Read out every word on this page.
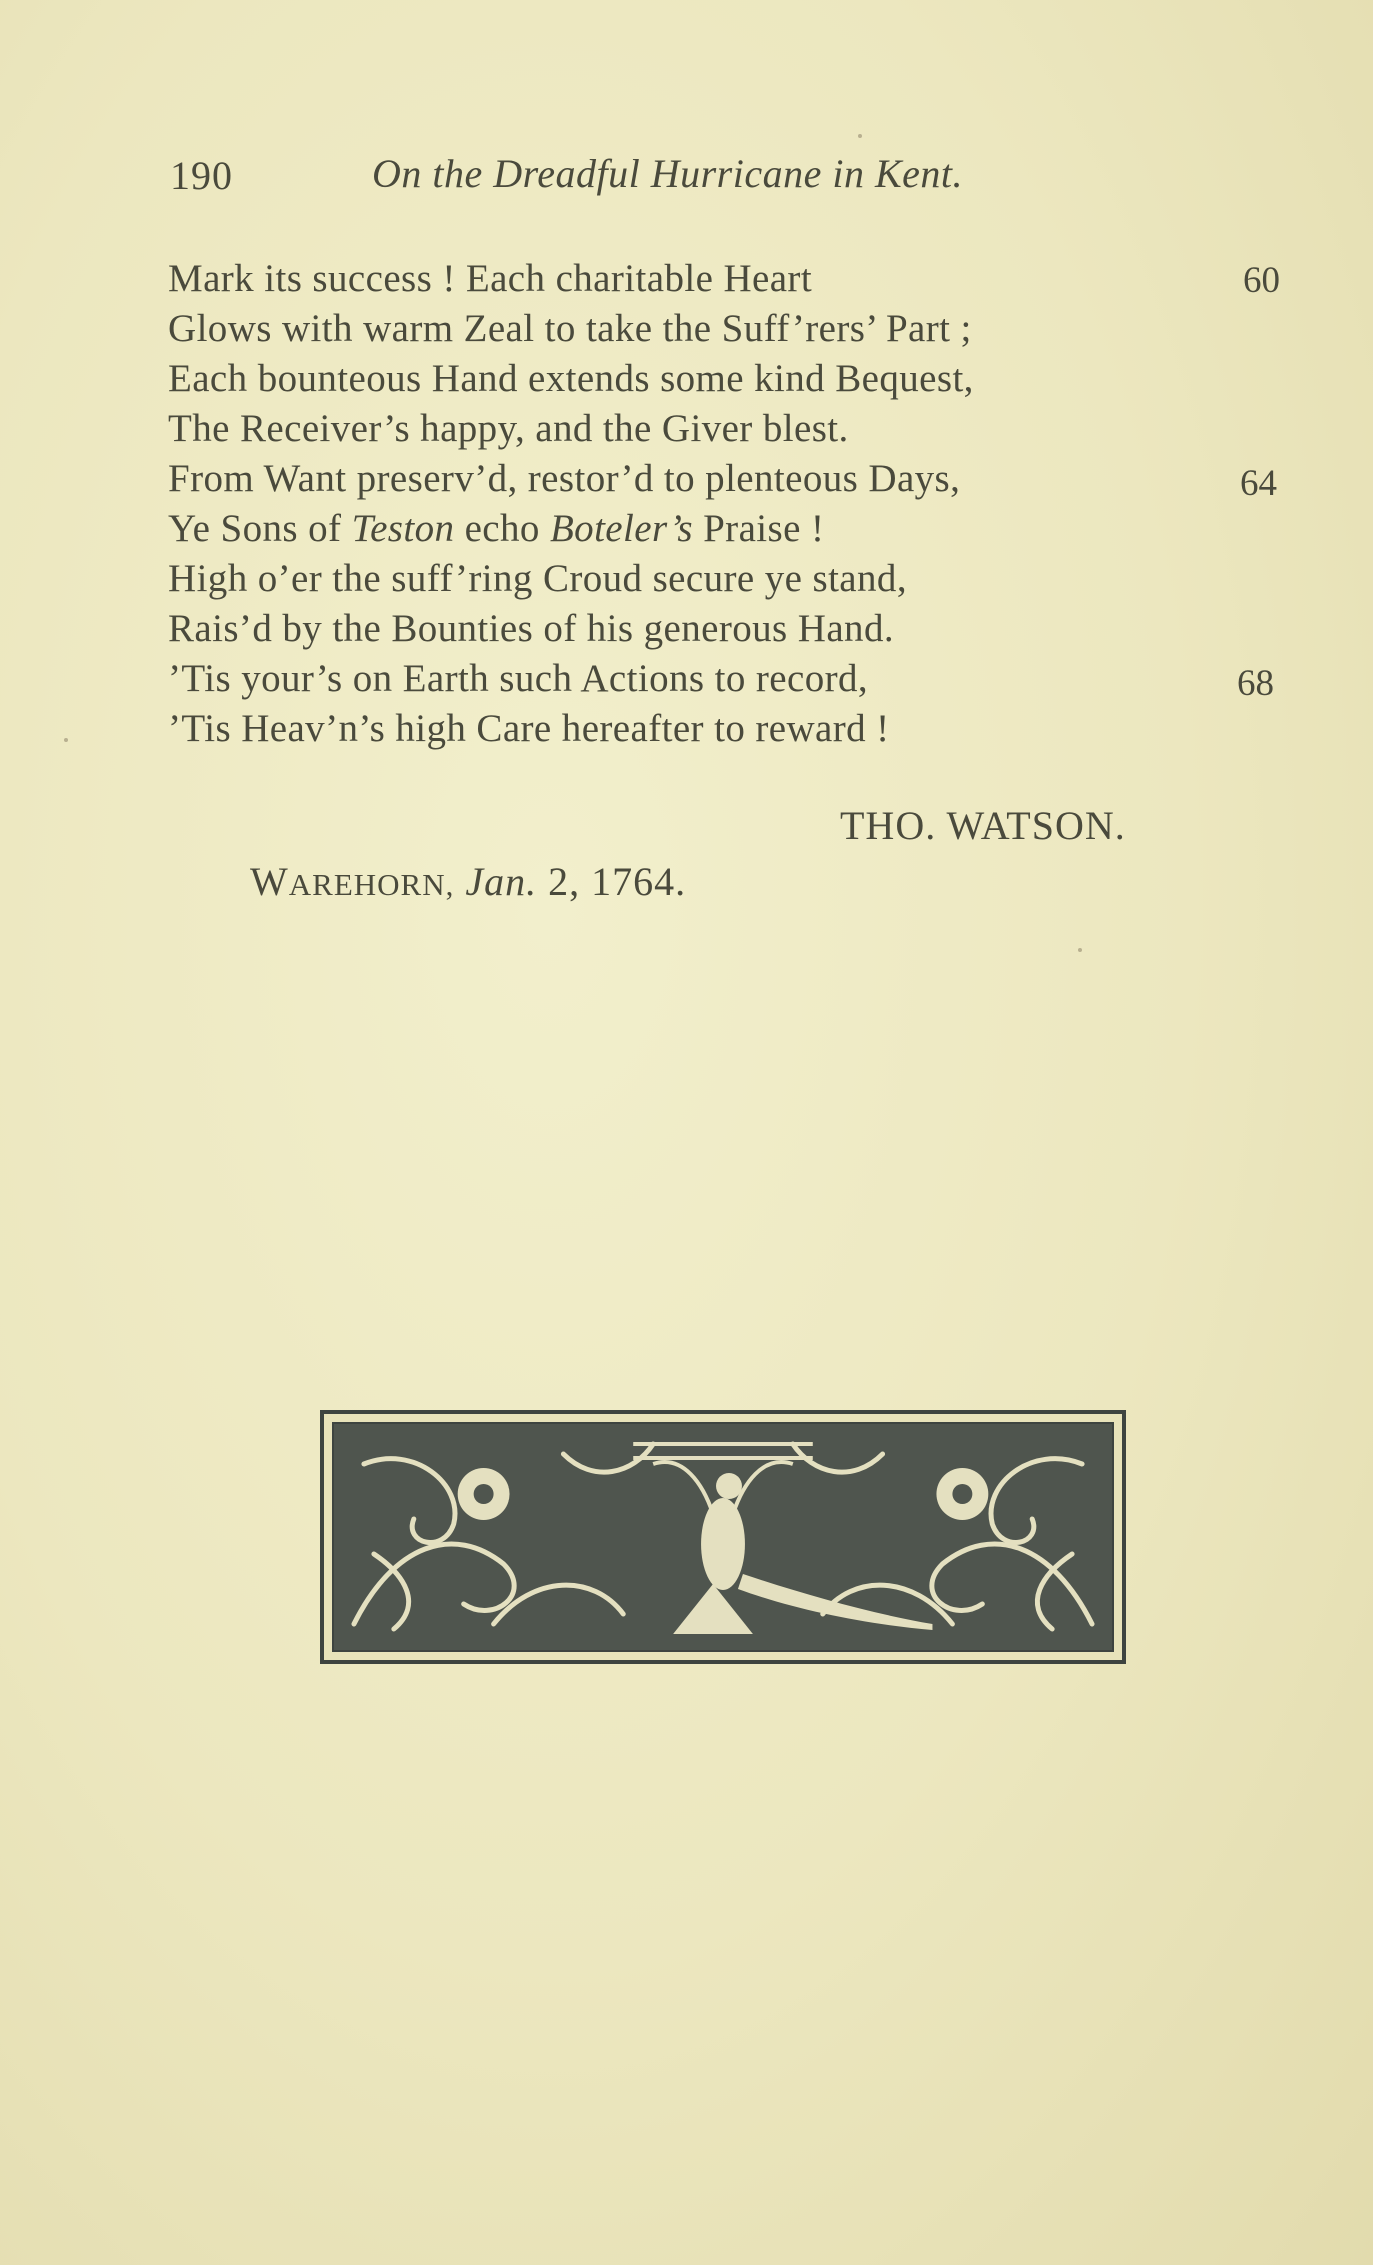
190	On the Dreadful Hurricane in Kent.
Mark its success ! Each charitable Heart	60
Glows with warm Zeal to take the Suff’rers’ Part ;
Each bounteous Hand extends some kind Bequest,
The Receiver’s happy, and the Giver blest.
From Want preserv’d, restor’d to plenteous Days,	64
Ye Sons of Teston echo Boteler’s Praise !
High o’er the suff’ring Croud secure ye stand,
Rais’d by the Bounties of his generous Hand.
’Tis your’s on Earth such Actions to record,	68
’Tis Heav’n’s high Care hereafter to reward !
THO. WATSON.
WAREHORN, Jan. 2, 1764.
